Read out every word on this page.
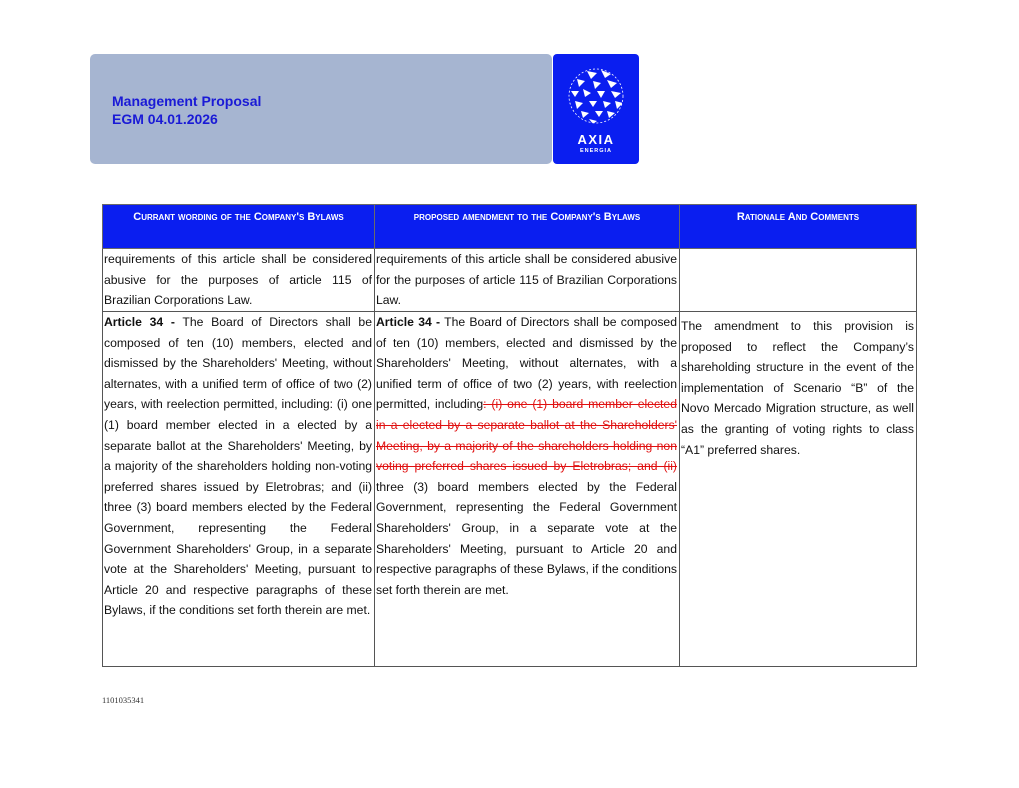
Management Proposal
EGM 04.01.2026
AXIA
ENERGIA
Currant wording of the Company's Bylaws	proposed amendment to the Company's Bylaws	Rationale And Comments
requirements of this article shall be considered abusive for the purposes of article 115 of Brazilian Corporations Law.	requirements of this article shall be considered abusive for the purposes of article 115 of Brazilian Corporations Law.	
Article 34 - The Board of Directors shall be composed of ten (10) members, elected and dismissed by the Shareholders' Meeting, without alternates, with a unified term of office of two (2) years, with reelection permitted, including: (i) one (1) board member elected in a elected by a separate ballot at the Shareholders' Meeting, by a majority of the shareholders holding non-voting preferred shares issued by Eletrobras; and (ii) three (3) board members elected by the Federal Government, representing the Federal Government Shareholders' Group, in a separate vote at the Shareholders' Meeting, pursuant to Article 20 and respective paragraphs of these Bylaws, if the conditions set forth therein are met.	Article 34 - The Board of Directors shall be composed of ten (10) members, elected and dismissed by the Shareholders' Meeting, without alternates, with a unified term of office of two (2) years, with reelection permitted, including: (i) one (1) board member elected in a elected by a separate ballot at the Shareholders' Meeting, by a majority of the shareholders holding non voting preferred shares issued by Eletrobras; and (ii) three (3) board members elected by the Federal Government, representing the Federal Government Shareholders' Group, in a separate vote at the Shareholders' Meeting, pursuant to Article 20 and respective paragraphs of these Bylaws, if the conditions set forth therein are met.	The amendment to this provision is proposed to reflect the Company’s shareholding structure in the event of the implementation of Scenario “B” of the Novo Mercado Migration structure, as well as the granting of voting rights to class “A1” preferred shares.
1101035341
